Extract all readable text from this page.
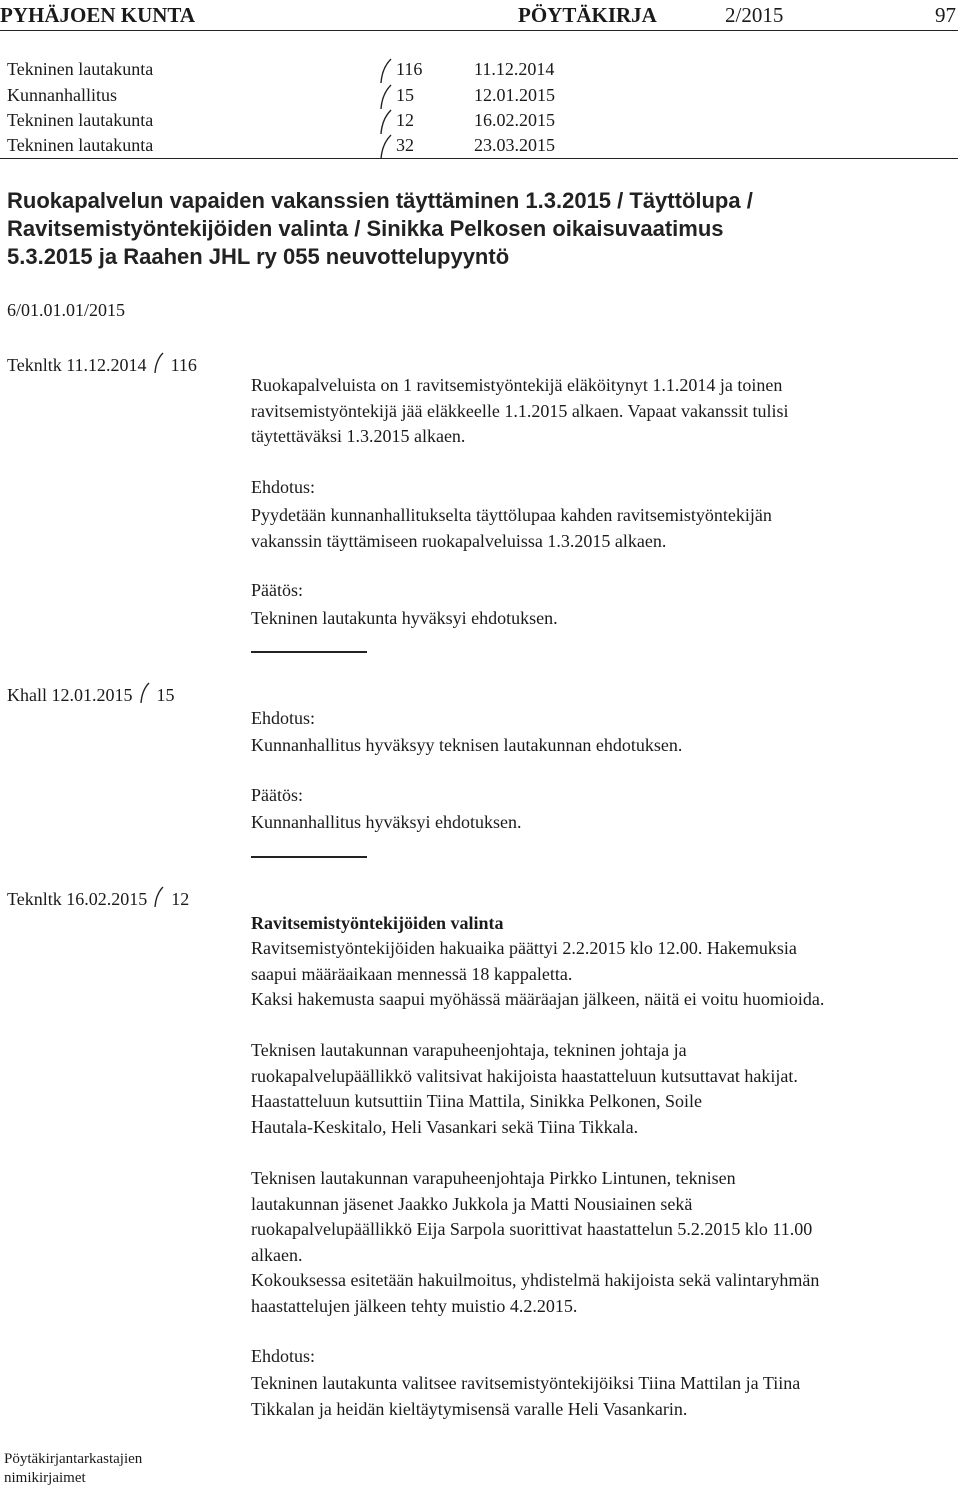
PYHÄJOEN KUNTA	PÖYTÄKIRJA	2/2015	97
Tekninen lautakunta	116	11.12.2014
Kunnanhallitus	15	12.01.2015
Tekninen lautakunta	12	16.02.2015
Tekninen lautakunta	32	23.03.2015
Ruokapalvelun vapaiden vakanssien täyttäminen 1.3.2015 / Täyttölupa /
Ravitsemistyöntekijöiden valinta / Sinikka Pelkosen oikaisuvaatimus
5.3.2015 ja Raahen JHL ry 055 neuvottelupyyntö
6/01.01.01/2015
Teknltk 11.12.2014 116
Ruokapalveluista on 1 ravitsemistyöntekijä eläköitynyt 1.1.2014 ja toinen
ravitsemistyöntekijä jää eläkkeelle 1.1.2015 alkaen. Vapaat vakanssit tulisi
täytettäväksi 1.3.2015 alkaen.
Ehdotus:
Pyydetään kunnanhallitukselta täyttölupaa kahden ravitsemistyöntekijän
vakanssin täyttämiseen ruokapalveluissa 1.3.2015 alkaen.
Päätös:
Tekninen lautakunta hyväksyi ehdotuksen.
Khall 12.01.2015 15
Ehdotus:
Kunnanhallitus hyväksyy teknisen lautakunnan ehdotuksen.
Päätös:
Kunnanhallitus hyväksyi ehdotuksen.
Teknltk 16.02.2015 12
Ravitsemistyöntekijöiden valinta
Ravitsemistyöntekijöiden hakuaika päättyi 2.2.2015 klo 12.00. Hakemuksia
saapui määräaikaan mennessä 18 kappaletta.
Kaksi hakemusta saapui myöhässä määräajan jälkeen, näitä ei voitu huomioida.
Teknisen lautakunnan varapuheenjohtaja, tekninen johtaja ja
ruokapalvelupäällikkö valitsivat hakijoista haastatteluun kutsuttavat hakijat.
Haastatteluun kutsuttiin Tiina Mattila, Sinikka Pelkonen, Soile
Hautala-Keskitalo, Heli Vasankari sekä Tiina Tikkala.
Teknisen lautakunnan varapuheenjohtaja Pirkko Lintunen, teknisen
lautakunnan jäsenet Jaakko Jukkola ja Matti Nousiainen sekä
ruokapalvelupäällikkö Eija Sarpola suorittivat haastattelun 5.2.2015 klo 11.00
alkaen.
Kokouksessa esitetään hakuilmoitus, yhdistelmä hakijoista sekä valintaryhmän
haastattelujen jälkeen tehty muistio 4.2.2015.
Ehdotus:
Tekninen lautakunta valitsee ravitsemistyöntekijöiksi Tiina Mattilan ja Tiina
Tikkalan ja heidän kieltäytymisensä varalle Heli Vasankarin.
Pöytäkirjantarkastajien
nimikirjaimet
